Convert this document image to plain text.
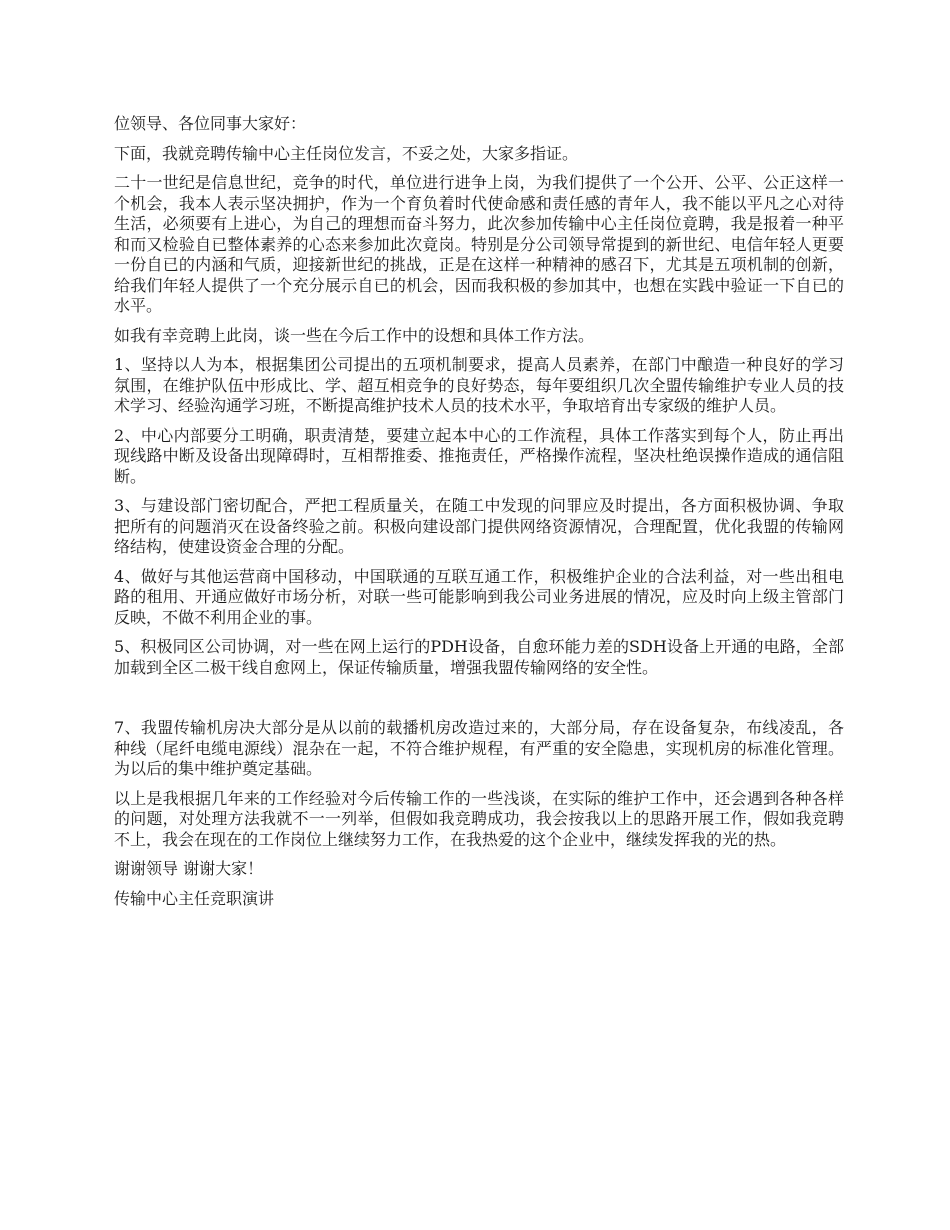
位领导、各位同事大家好：

下面，我就竞聘传输中心主任岗位发言，不妥之处，大家多指证。

二十一世纪是信息世纪，竞争的时代，单位进行进争上岗，为我们提供了一个公开、公平、公正这样一个机会，我本人表示坚决拥护，作为一个育负着时代使命感和责任感的青年人，我不能以平凡之心对待生活，必须要有上进心，为自己的理想而奋斗努力，此次参加传输中心主任岗位竟聘，我是报着一种平和而又检验自已整体素养的心态来参加此次竟岗。特别是分公司领导常提到的新世纪、电信年轻人更要一份自已的内涵和气质，迎接新世纪的挑战，正是在这样一种精神的感召下，尤其是五项机制的创新，给我们年轻人提供了一个充分展示自已的机会，因而我积极的参加其中，也想在实践中验证一下自已的水平。

如我有幸竞聘上此岗，谈一些在今后工作中的设想和具体工作方法。

1、坚持以人为本，根据集团公司提出的五项机制要求，提高人员素养，在部门中酿造一种良好的学习氛围，在维护队伍中形成比、学、超互相竞争的良好势态，每年要组织几次全盟传输维护专业人员的技术学习、经验沟通学习班，不断提高维护技术人员的技术水平，争取培育出专家级的维护人员。

2、中心内部要分工明确，职责清楚，要建立起本中心的工作流程，具体工作落实到每个人，防止再出现线路中断及设备出现障碍时，互相帮推委、推拖责任，严格操作流程，坚决杜绝误操作造成的通信阻断。

3、与建设部门密切配合，严把工程质量关，在随工中发现的问罪应及时提出，各方面积极协调、争取把所有的问题消灭在设备终验之前。积极向建设部门提供网络资源情况，合理配置，优化我盟的传输网络结构，使建设资金合理的分配。

4、做好与其他运营商中国移动，中国联通的互联互通工作，积极维护企业的合法利益，对一些出租电路的租用、开通应做好市场分析，对联一些可能影响到我公司业务进展的情况，应及时向上级主管部门反映，不做不利用企业的事。

5、积极同区公司协调，对一些在网上运行的PDH设备，自愈环能力差的SDH设备上开通的电路，全部加载到全区二极干线自愈网上，保证传输质量，增强我盟传输网络的安全性。

7、我盟传输机房决大部分是从以前的载播机房改造过来的，大部分局，存在设备复杂，布线凌乱，各种线（尾纤电缆电源线）混杂在一起，不符合维护规程，有严重的安全隐患，实现机房的标准化管理。为以后的集中维护奠定基础。

以上是我根据几年来的工作经验对今后传输工作的一些浅谈，在实际的维护工作中，还会遇到各种各样的问题，对处理方法我就不一一列举，但假如我竞聘成功，我会按我以上的思路开展工作，假如我竞聘不上，我会在现在的工作岗位上继续努力工作，在我热爱的这个企业中，继续发挥我的光的热。

谢谢领导 谢谢大家！

传输中心主任竞职演讲
